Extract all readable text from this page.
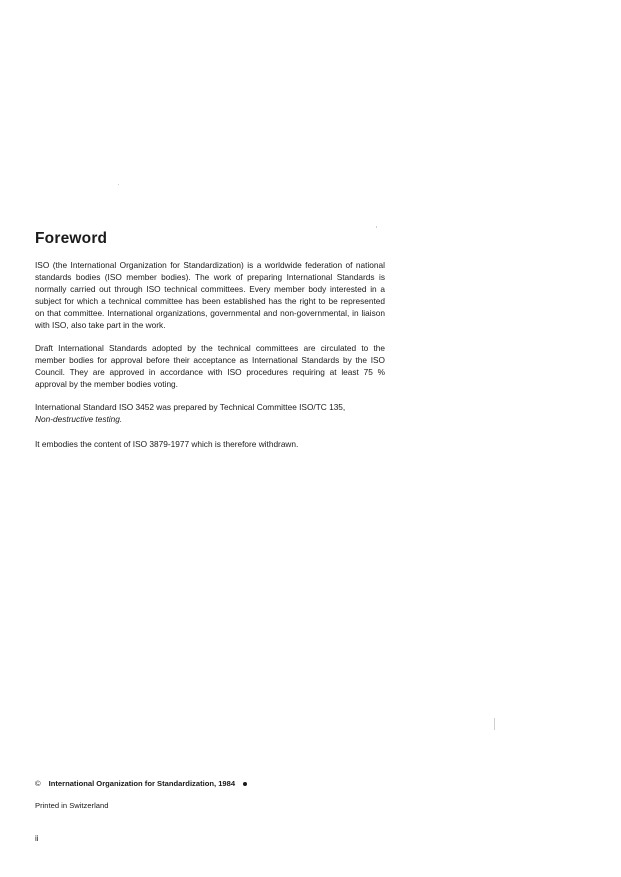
Foreword

ISO (the International Organization for Standardization) is a worldwide federation of national standards bodies (ISO member bodies). The work of preparing International Standards is normally carried out through ISO technical committees. Every member body interested in a subject for which a technical committee has been established has the right to be represented on that committee. International organizations, governmental and non-governmental, in liaison with ISO, also take part in the work.

Draft International Standards adopted by the technical committees are circulated to the member bodies for approval before their acceptance as International Standards by the ISO Council. They are approved in accordance with ISO procedures requiring at least 75 % approval by the member bodies voting.

International Standard ISO 3452 was prepared by Technical Committee ISO/TC 135,
Non-destructive testing.

It embodies the content of ISO 3879-1977 which is therefore withdrawn.

© International Organization for Standardization, 1984
Printed in Switzerland
ii
